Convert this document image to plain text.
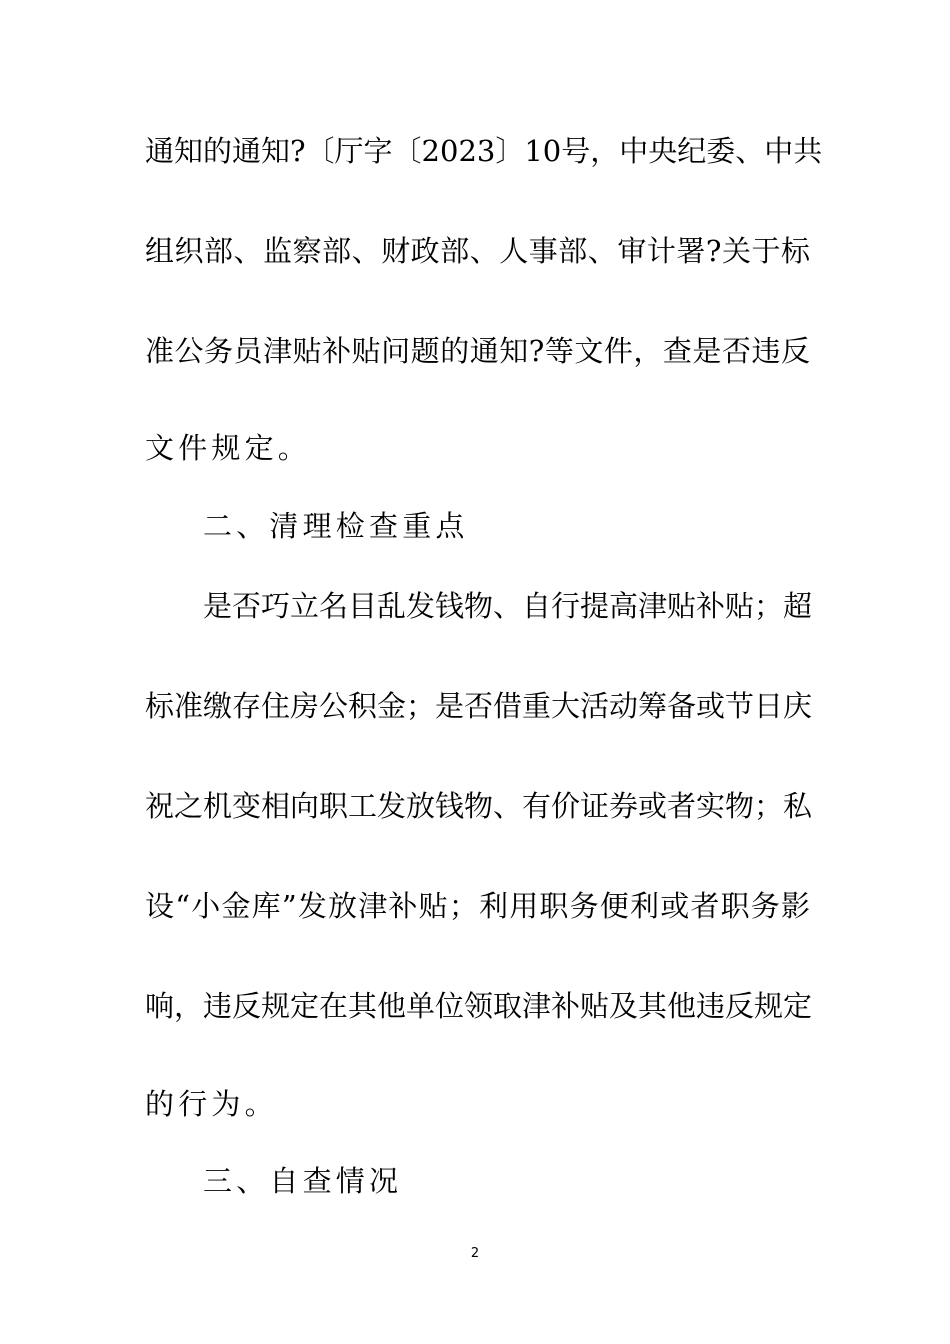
通知的通知?〔厅字〔2023〕10号，中央纪委、中共
组织部、监察部、财政部、人事部、审计署?关于标
准公务员津贴补贴问题的通知?等文件，查是否违反
文件规定。
二、清理检查重点
是否巧立名目乱发钱物、自行提高津贴补贴；超
标准缴存住房公积金；是否借重大活动筹备或节日庆
祝之机变相向职工发放钱物、有价证券或者实物；私
设“小金库”发放津补贴；利用职务便利或者职务影
响，违反规定在其他单位领取津补贴及其他违反规定
的行为。
三、自查情况
2
